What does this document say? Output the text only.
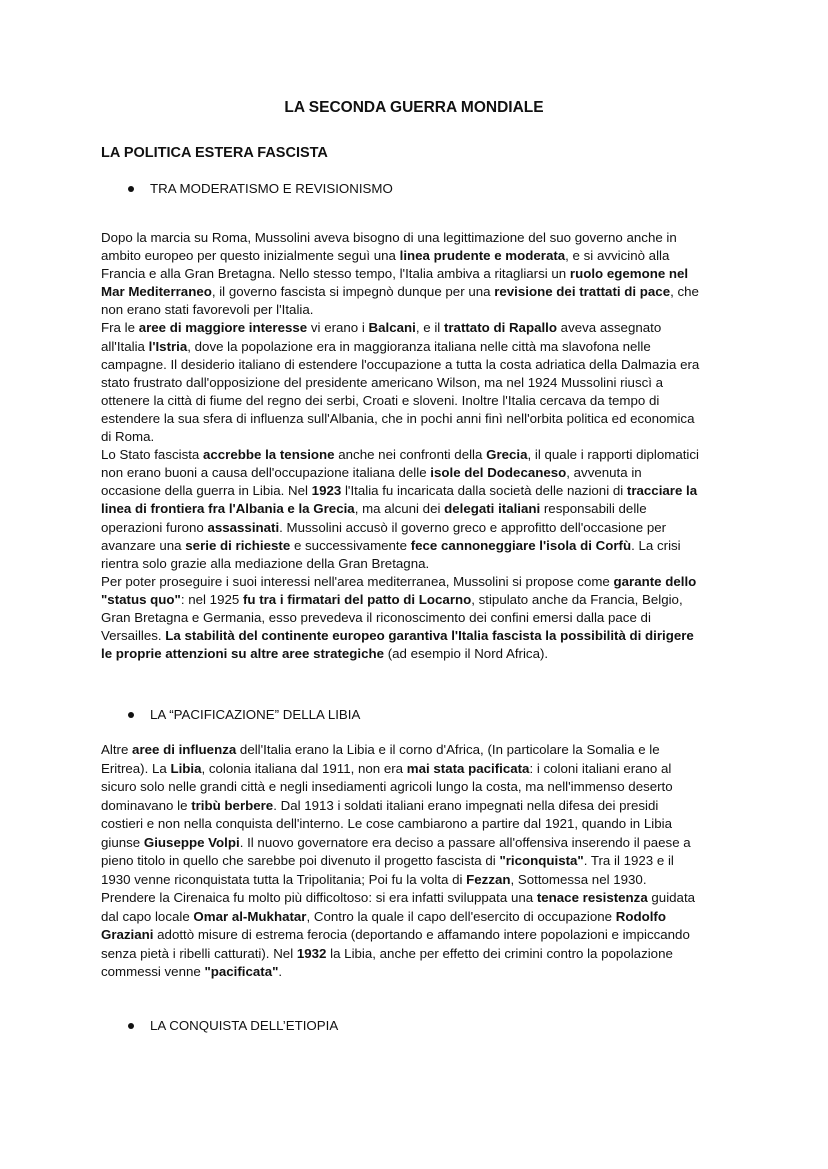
LA SECONDA GUERRA MONDIALE
LA POLITICA ESTERA FASCISTA
TRA MODERATISMO E REVISIONISMO
Dopo la marcia su Roma, Mussolini aveva bisogno di una legittimazione del suo governo anche in
ambito europeo per questo inizialmente seguì una linea prudente e moderata, e si avvicinò alla
Francia e alla Gran Bretagna. Nello stesso tempo, l'Italia ambiva a ritagliarsi un ruolo egemone nel
Mar Mediterraneo, il governo fascista si impegnò dunque per una revisione dei trattati di pace, che
non erano stati favorevoli per l'Italia.
Fra le aree di maggiore interesse vi erano i Balcani, e il trattato di Rapallo aveva assegnato
all'Italia l'Istria, dove la popolazione era in maggioranza italiana nelle città ma slavofona nelle
campagne. Il desiderio italiano di estendere l'occupazione a tutta la costa adriatica della Dalmazia era
stato frustrato dall'opposizione del presidente americano Wilson, ma nel 1924 Mussolini riuscì a
ottenere la città di fiume del regno dei serbi, Croati e sloveni. Inoltre l'Italia cercava da tempo di
estendere la sua sfera di influenza sull'Albania, che in pochi anni finì nell'orbita politica ed economica
di Roma.
Lo Stato fascista accrebbe la tensione anche nei confronti della Grecia, il quale i rapporti diplomatici
non erano buoni a causa dell'occupazione italiana delle isole del Dodecaneso, avvenuta in
occasione della guerra in Libia. Nel 1923 l'Italia fu incaricata dalla società delle nazioni di tracciare la
linea di frontiera fra l'Albania e la Grecia, ma alcuni dei delegati italiani responsabili delle
operazioni furono assassinati. Mussolini accusò il governo greco e approfitto dell'occasione per
avanzare una serie di richieste e successivamente fece cannoneggiare l'isola di Corfù. La crisi
rientra solo grazie alla mediazione della Gran Bretagna.
Per poter proseguire i suoi interessi nell'area mediterranea, Mussolini si propose come garante dello
"status quo": nel 1925 fu tra i firmatari del patto di Locarno, stipulato anche da Francia, Belgio,
Gran Bretagna e Germania, esso prevedeva il riconoscimento dei confini emersi dalla pace di
Versailles. La stabilità del continente europeo garantiva l'Italia fascista la possibilità di dirigere
le proprie attenzioni su altre aree strategiche (ad esempio il Nord Africa).
LA “PACIFICAZIONE” DELLA LIBIA
Altre aree di influenza dell'Italia erano la Libia e il corno d'Africa, (In particolare la Somalia e le
Eritrea). La Libia, colonia italiana dal 1911, non era mai stata pacificata: i coloni italiani erano al
sicuro solo nelle grandi città e negli insediamenti agricoli lungo la costa, ma nell'immenso deserto
dominavano le tribù berbere. Dal 1913 i soldati italiani erano impegnati nella difesa dei presidi
costieri e non nella conquista dell'interno. Le cose cambiarono a partire dal 1921, quando in Libia
giunse Giuseppe Volpi. Il nuovo governatore era deciso a passare all'offensiva inserendo il paese a
pieno titolo in quello che sarebbe poi divenuto il progetto fascista di "riconquista". Tra il 1923 e il
1930 venne riconquistata tutta la Tripolitania; Poi fu la volta di Fezzan, Sottomessa nel 1930.
Prendere la Cirenaica fu molto più difficoltoso: si era infatti sviluppata una tenace resistenza guidata
dal capo locale Omar al-Mukhatar, Contro la quale il capo dell'esercito di occupazione Rodolfo
Graziani adottò misure di estrema ferocia (deportando e affamando intere popolazioni e impiccando
senza pietà i ribelli catturati). Nel 1932 la Libia, anche per effetto dei crimini contro la popolazione
commessi venne "pacificata".
LA CONQUISTA DELL’ETIOPIA
